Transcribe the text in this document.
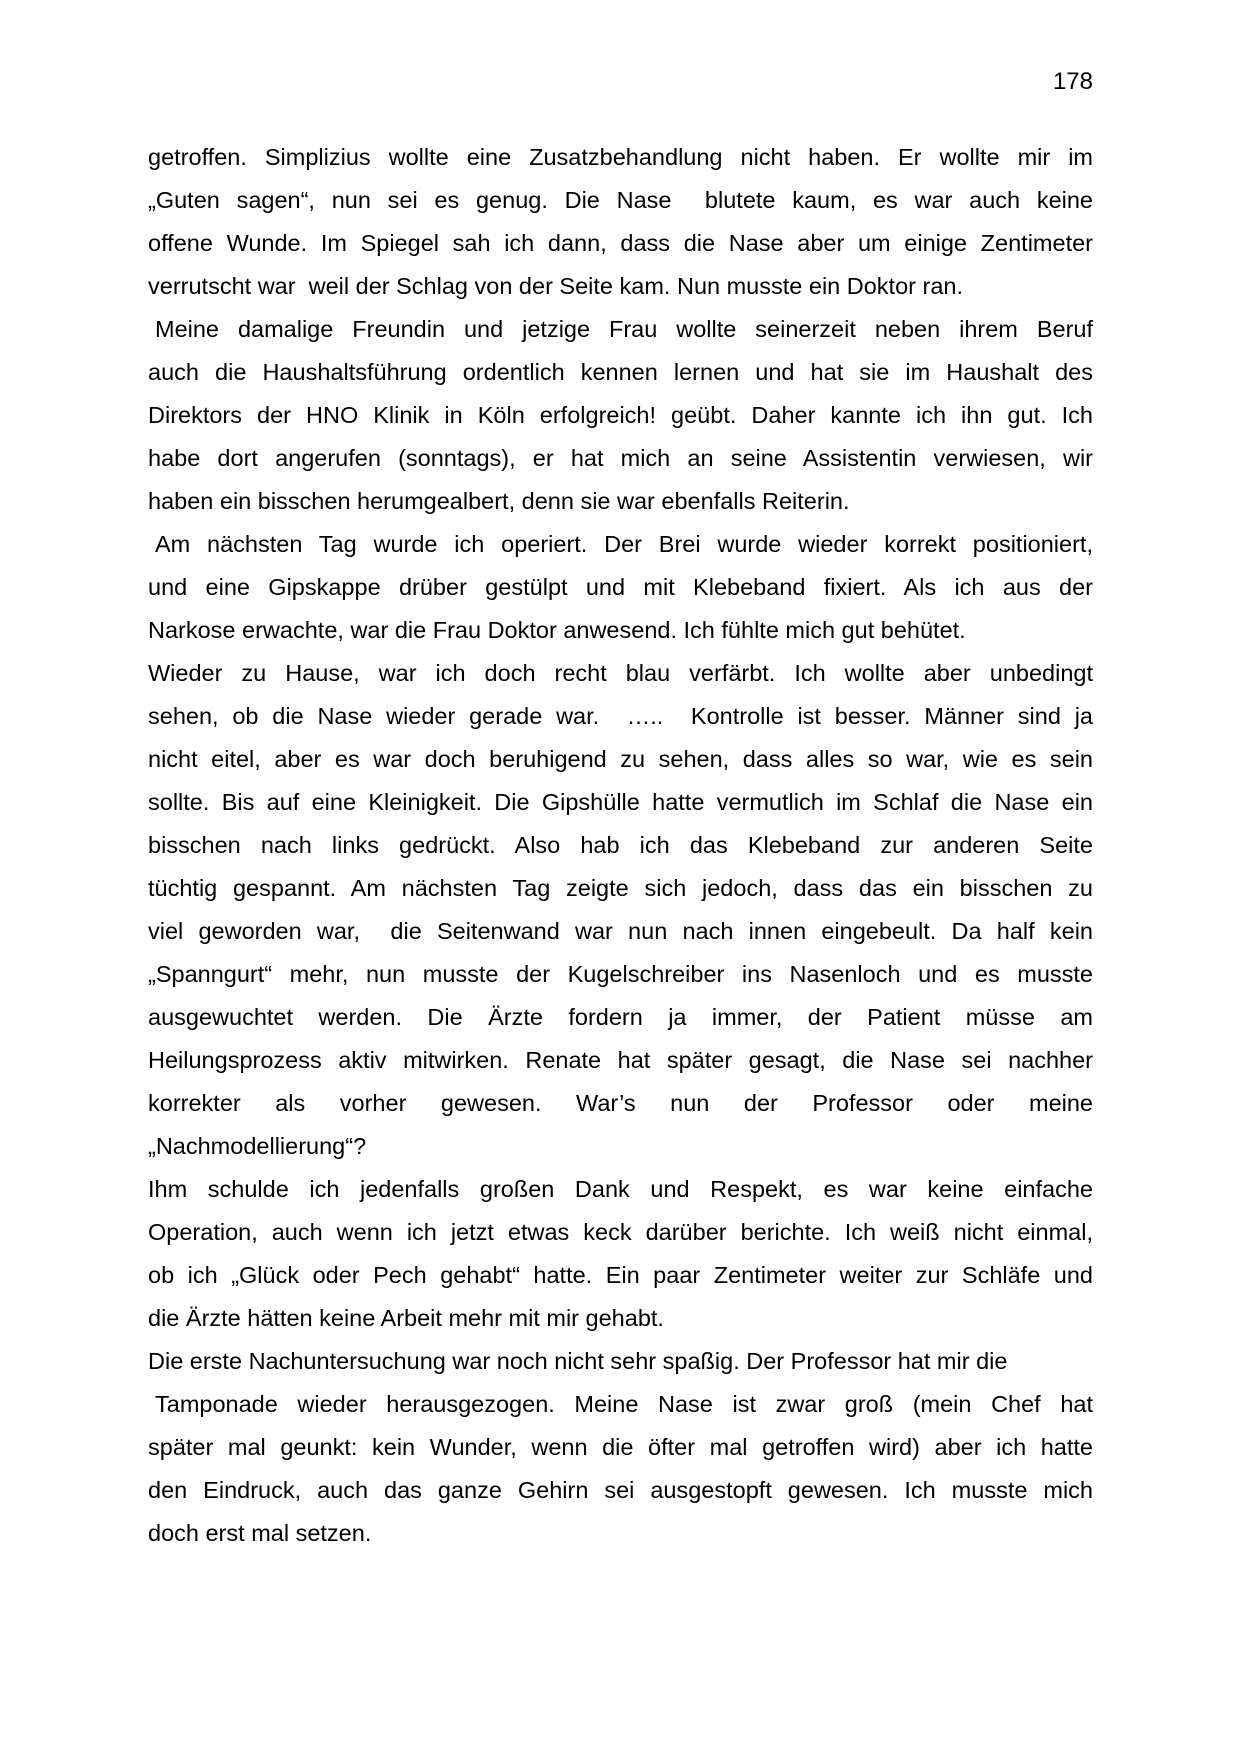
178
getroffen. Simplizius wollte eine Zusatzbehandlung nicht haben. Er wollte mir im
„Guten sagen“, nun sei es genug. Die Nase  blutete kaum, es war auch keine
offene Wunde. Im Spiegel sah ich dann, dass die Nase aber um einige Zentimeter
verrutscht war  weil der Schlag von der Seite kam. Nun musste ein Doktor ran.
Meine damalige Freundin und jetzige Frau wollte seinerzeit neben ihrem Beruf
auch die Haushaltsführung ordentlich kennen lernen und hat sie im Haushalt des
Direktors der HNO Klinik in Köln erfolgreich! geübt. Daher kannte ich ihn gut. Ich
habe dort angerufen (sonntags), er hat mich an seine Assistentin verwiesen, wir
haben ein bisschen herumgealbert, denn sie war ebenfalls Reiterin.
Am nächsten Tag wurde ich operiert. Der Brei wurde wieder korrekt positioniert,
und eine Gipskappe drüber gestülpt und mit Klebeband fixiert. Als ich aus der
Narkose erwachte, war die Frau Doktor anwesend. Ich fühlte mich gut behütet.
Wieder zu Hause, war ich doch recht blau verfärbt. Ich wollte aber unbedingt
sehen, ob die Nase wieder gerade war.  …..  Kontrolle ist besser. Männer sind ja
nicht eitel, aber es war doch beruhigend zu sehen, dass alles so war, wie es sein
sollte. Bis auf eine Kleinigkeit. Die Gipshülle hatte vermutlich im Schlaf die Nase ein
bisschen nach links gedrückt. Also hab ich das Klebeband zur anderen Seite
tüchtig gespannt. Am nächsten Tag zeigte sich jedoch, dass das ein bisschen zu
viel geworden war,  die Seitenwand war nun nach innen eingebeult. Da half kein
„Spanngurt“ mehr, nun musste der Kugelschreiber ins Nasenloch und es musste
ausgewuchtet werden. Die Ärzte fordern ja immer, der Patient müsse am
Heilungsprozess aktiv mitwirken. Renate hat später gesagt, die Nase sei nachher
korrekter als vorher gewesen. War’s nun der Professor oder meine
„Nachmodellierung“?
Ihm schulde ich jedenfalls großen Dank und Respekt, es war keine einfache
Operation, auch wenn ich jetzt etwas keck darüber berichte. Ich weiß nicht einmal,
ob ich „Glück oder Pech gehabt“ hatte. Ein paar Zentimeter weiter zur Schläfe und
die Ärzte hätten keine Arbeit mehr mit mir gehabt.
Die erste Nachuntersuchung war noch nicht sehr spaßig. Der Professor hat mir die
Tamponade wieder herausgezogen. Meine Nase ist zwar groß (mein Chef hat
später mal geunkt: kein Wunder, wenn die öfter mal getroffen wird) aber ich hatte
den Eindruck, auch das ganze Gehirn sei ausgestopft gewesen. Ich musste mich
doch erst mal setzen.
